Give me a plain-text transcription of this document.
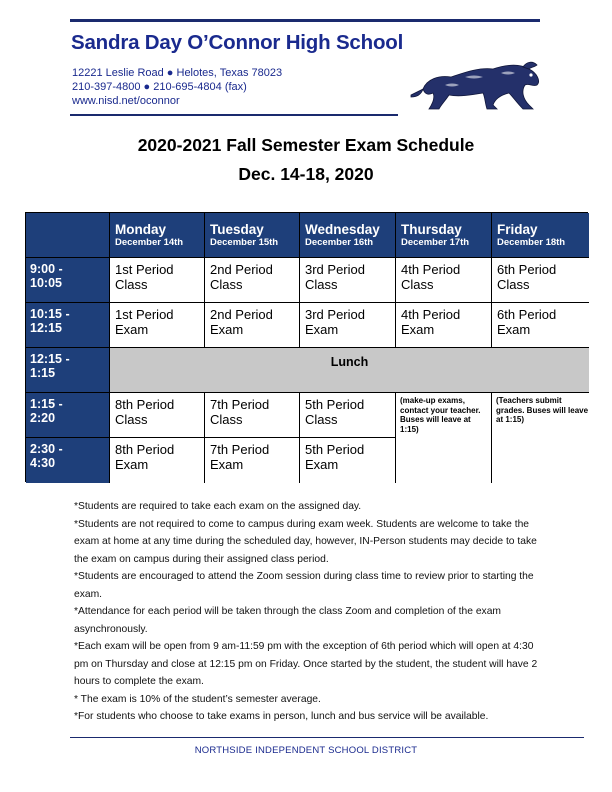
Sandra Day O’Connor High School
12221 Leslie Road ● Helotes, Texas 78023
210-397-4800 ● 210-695-4804 (fax)
www.nisd.net/oconnor
2020-2021 Fall Semester Exam Schedule
Dec. 14-18, 2020
Monday
December 14th
Tuesday
December 15th
Wednesday
December 16th
Thursday
December 17th
Friday
December 18th
9:00 -
10:05
10:15 -
12:15
12:15 -
1:15
1:15 -
2:20
2:30 -
4:30
1st Period
Class
2nd Period
Class
3rd Period
Class
4th Period
Class
6th Period
Class
1st Period
Exam
2nd Period
Exam
3rd Period
Exam
4th Period
Exam
6th Period
Exam
Lunch
8th Period
Class
7th Period
Class
5th Period
Class
8th Period
Exam
7th Period
Exam
5th Period
Exam
(make-up exams, contact your teacher. Buses will leave at 1:15)
(Teachers submit grades. Buses will leave at 1:15)

*Students are required to take each exam on the assigned day.

*Students are not required to come to campus during exam week. Students are welcome to take the exam at home at any time during the scheduled day, however, IN-Person students may decide to take the exam on campus during their assigned class period.

*Students are encouraged to attend the Zoom session during class time to review prior to starting the exam.

*Attendance for each period will be taken through the class Zoom and completion of the exam asynchronously.

*Each exam will be open from 9 am-11:59 pm with the exception of 6th period which will open at 4:30 pm on Thursday and close at 12:15 pm on Friday. Once started by the student, the student will have 2 hours to complete the exam.

* The exam is 10% of the student’s semester average.

*For students who choose to take exams in person, lunch and bus service will be available.

NORTHSIDE INDEPENDENT SCHOOL DISTRICT
